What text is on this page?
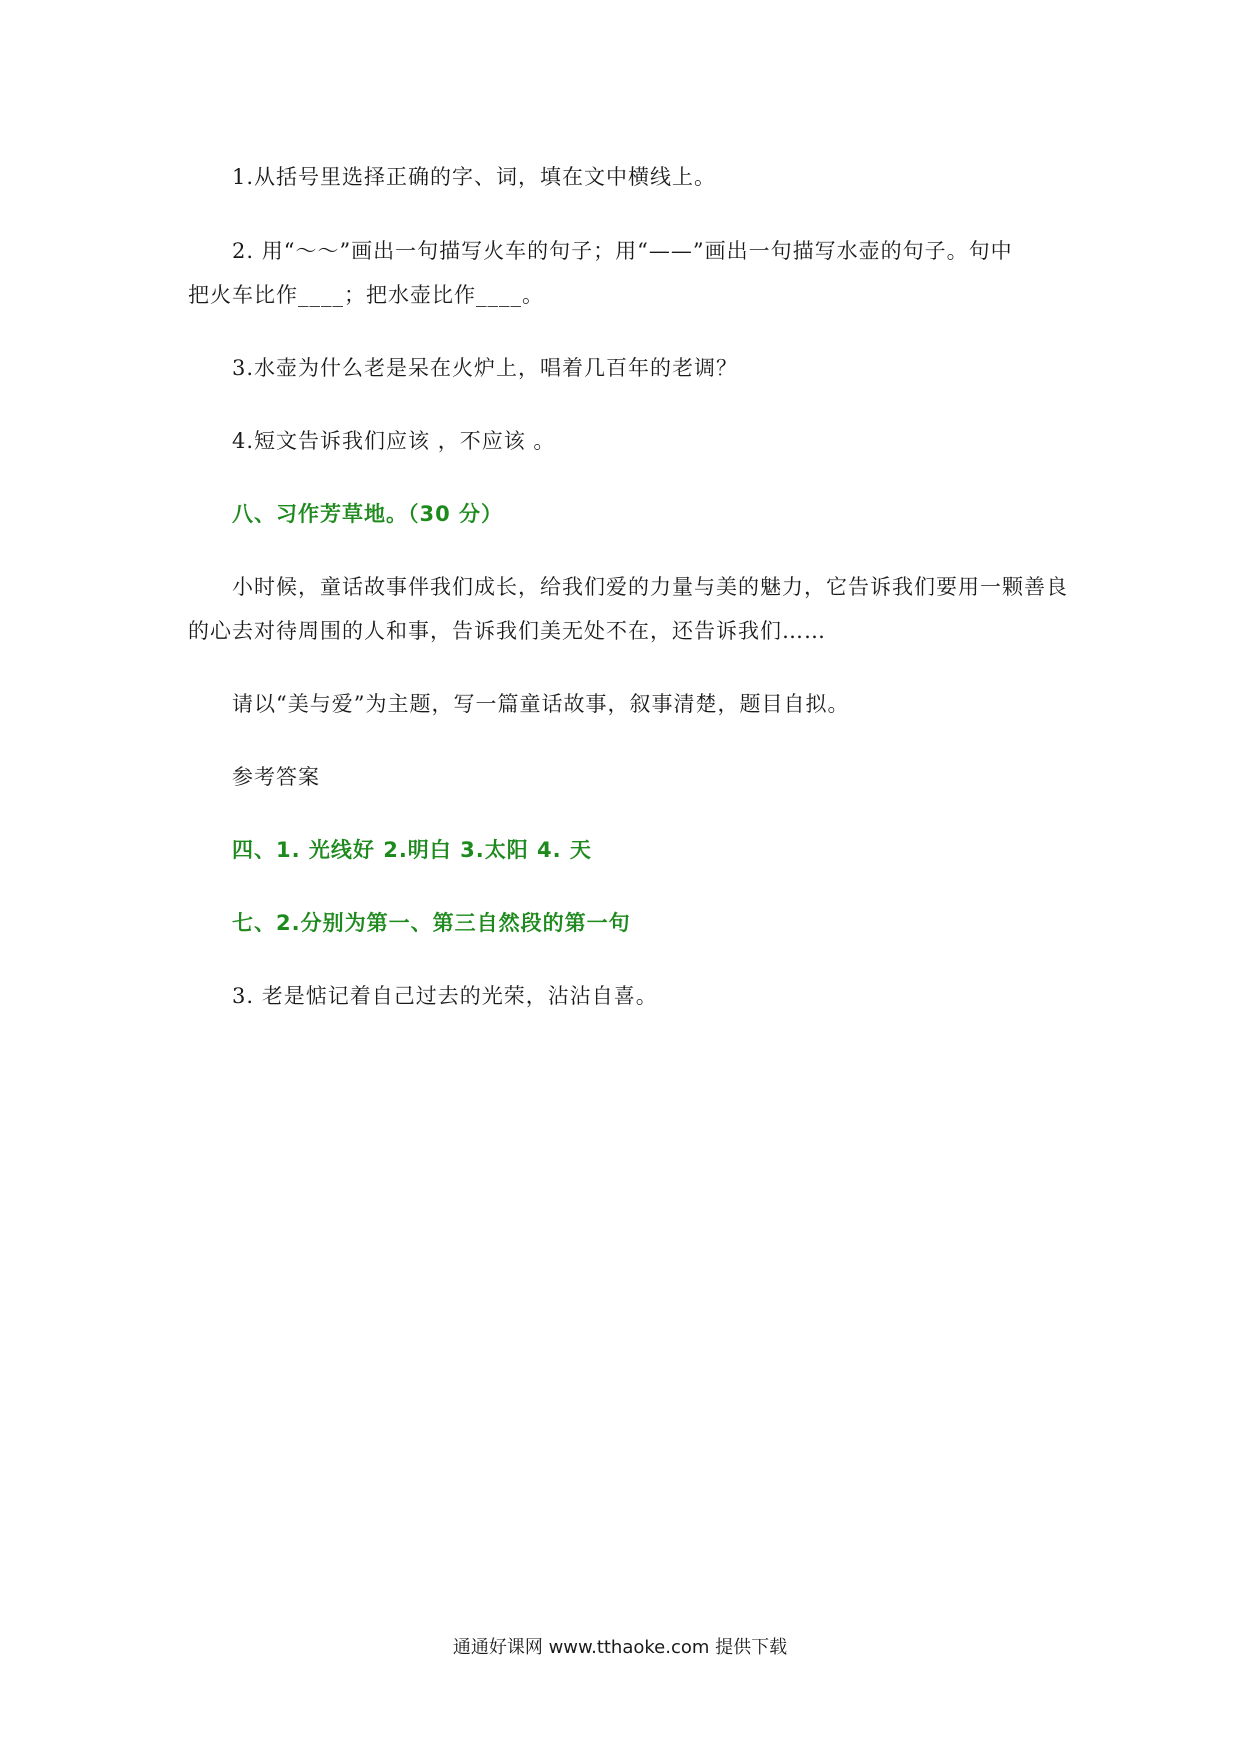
1.从括号里选择正确的字、词，填在文中横线上。
2. 用“～～”画出一句描写火车的句子；用“——”画出一句描写水壶的句子。句中
把火车比作____；把水壶比作____。
3.水壶为什么老是呆在火炉上，唱着几百年的老调？
4.短文告诉我们应该 ，不应该 。
八、习作芳草地。（30 分）
小时候，童话故事伴我们成长，给我们爱的力量与美的魅力，它告诉我们要用一颗善良
的心去对待周围的人和事，告诉我们美无处不在，还告诉我们……
请以“美与爱”为主题，写一篇童话故事，叙事清楚，题目自拟。
参考答案
四、1. 光线好 2.明白 3.太阳 4. 天
七、2.分别为第一、第三自然段的第一句
3. 老是惦记着自己过去的光荣，沾沾自喜。
通通好课网 www.tthaoke.com 提供下载
